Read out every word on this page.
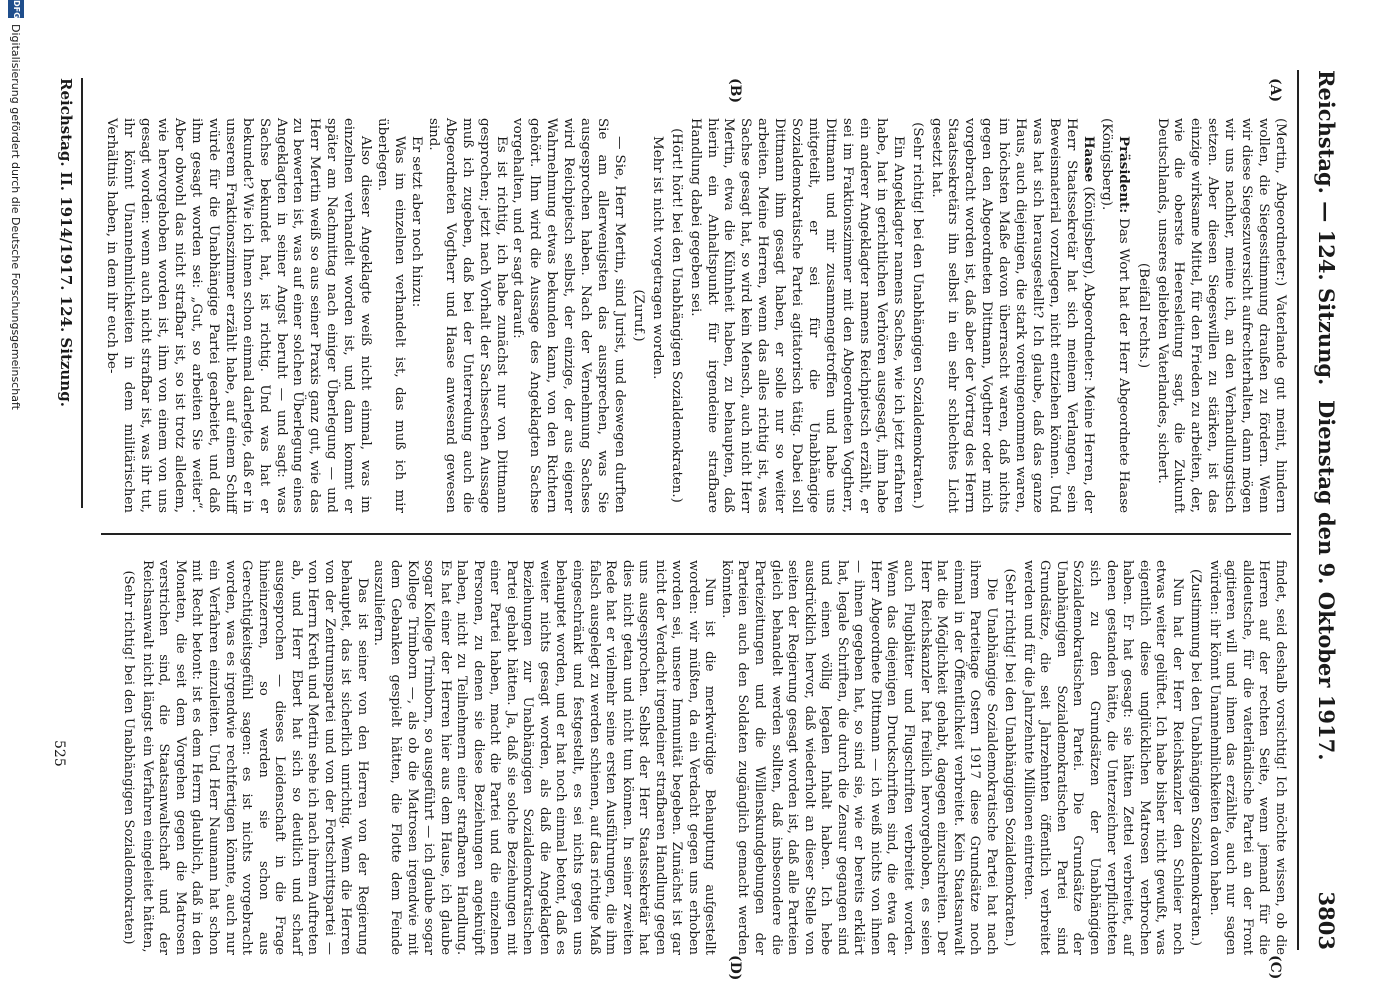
Reichstag. — 124. Sitzung.
Dienstag den 9. Oktober 1917.
3803
(A)
(B)
(C)
(D)

(Mertin, Abgeordneter:) Vaterlande gut meint, hindern wollen, die Siegesstimmung draußen zu fördern. Wenn wir diese Siegeszuversicht aufrechterhalten, dann mögen wir uns nachher, meine ich, an den Verhandlungstisch setzen. Aber diesen Siegeswillen zu stärken, ist das einzige wirksame Mittel, für den Frieden zu arbeiten, der, wie die oberste Heeresleitung sagt, die Zukunft Deutschlands, unseres geliebten Vaterlandes, sichert.

(Beifall rechts.)

Präsident: Das Wort hat der Herr Abgeordnete Haase (Königsberg).

Haase (Königsberg), Abgeordneter: Meine Herren, der Herr Staatssekretär hat sich meinem Verlangen, sein Beweismaterial vorzulegen, nicht entziehen können. Und was hat sich herausgestellt? Ich glaube, daß das ganze Haus, auch diejenigen, die stark voreingenommen waren, im höchsten Maße davon überrascht waren, daß nichts gegen den Abgeordneten Dittmann, Vogtherr oder mich vorgebracht worden ist, daß aber der Vortrag des Herrn Staatssekretärs ihn selbst in ein sehr schlechtes Licht gesetzt hat.

(Sehr richtig! bei den Unabhängigen Sozialdemokraten.)

Ein Angeklagter namens Sachse, wie ich jetzt erfahren habe, hat in gerichtlichen Verhören ausgesagt, ihm habe ein anderer Angeklagter namens Reichpietsch erzählt, er sei im Fraktionszimmer mit den Abgeordneten Vogtherr, Dittmann und mir zusammengetroffen und habe uns mitgeteilt, er sei für die Unabhängige Sozialdemokratische Partei agitatorisch tätig. Dabei soll Dittmann ihm gesagt haben, er solle nur so weiter arbeiten. Meine Herren, wenn das alles richtig ist, was Sachse gesagt hat, so wird kein Mensch, auch nicht Herr Mertin, etwa die Kühnheit haben, zu behaupten, daß hierin ein Anhaltspunkt für irgendeine strafbare Handlung dabei gegeben sei.

(Hört! hört! bei den Unabhängigen Sozialdemokraten.)

Mehr ist nicht vorgetragen worden.

(Zuruf.)

— Sie, Herr Mertin, sind Jurist, und deswegen durften Sie am allerwenigsten das aussprechen, was Sie ausgesprochen haben. Nach der Vernehmung Sachses wird Reichpietsch selbst, der einzige, der aus eigener Wahrnehmung etwas bekunden kann, von den Richtern gehört. Ihm wird die Aussage des Angeklagten Sachse vorgehalten, und er sagt darauf:

Es ist richtig, ich habe zunächst nur von Dittmann gesprochen; jetzt nach Vorhalt der Sachseschen Aussage muß ich zugeben, daß bei der Unterredung auch die Abgeordneten Vogtherr und Haase anwesend gewesen sind.

Er setzt aber noch hinzu:

Was im einzelnen verhandelt ist, das muß ich mir überlegen.

Also dieser Angeklagte weiß nicht einmal, was im einzelnen verhandelt worden ist, und dann kommt er später am Nachmittag nach einiger Überlegung — und Herr Mertin weiß so aus seiner Praxis ganz gut, wie das zu bewerten ist, was auf einer solchen Überlegung eines Angeklagten in seiner Angst beruht — und sagt: was Sachse bekundet hat, ist richtig. Und was hat er bekundet? Wie ich Ihnen schon einmal darlegte, daß er in unserem Fraktionszimmer erzählt habe, auf einem Schiff würde für die Unabhängige Partei gearbeitet, und daß ihm gesagt worden sei: „Gut, so arbeiten Sie weiter“. Aber obwohl das nicht strafbar ist, so ist trotz alledem, wie hervorgehoben worden ist, ihm von einem von uns gesagt worden: wenn auch nicht strafbar ist, was ihr tut, ihr könnt Unannehmlichkeiten in dem militärischen Verhältnis haben, in dem ihr euch be-

findet, seid deshalb vorsichtig! Ich möchte wissen, ob die Herren auf der rechten Seite, wenn jemand für die alldeutsche, für die vaterländische Partei an der Front agitieren will und ihnen das erzählte, auch nur sagen würden: ihr könnt Unannehmlichkeiten davon haben.

(Zustimmung bei den Unabhängigen Sozialdemokraten.)

Nun hat der Herr Reichskanzler den Schleier noch etwas weiter gelüftet. Ich habe bisher nicht gewußt, was eigentlich diese unglücklichen Matrosen verbrochen haben. Er hat gesagt: sie hätten Zettel verbreitet, auf denen gestanden hätte, die Unterzeichner verpflichteten sich zu den Grundsätzen der Unabhängigen Sozialdemokratischen Partei. Die Grundsätze der Unabhängigen Sozialdemokratischen Partei sind Grundsätze, die seit Jahrzehnten öffentlich verbreitet werden und für die Jahrzehnte Millionen eintreten.

(Sehr richtig! bei den Unabhängigen Sozialdemokraten.)

Die Unabhängige Sozialdemokratische Partei hat nach ihrem Parteitage Ostern 1917 diese Grundsätze noch einmal in der Öffentlichkeit verbreitet. Kein Staatsanwalt hat die Möglichkeit gehabt, dagegen einzuschreiten. Der Herr Reichskanzler hat freilich hervorgehoben, es seien auch Flugblätter und Flugschriften verbreitet worden. Wenn das diejenigen Druckschriften sind, die etwa der Herr Abgeordnete Dittmann — ich weiß nichts von ihnen — ihnen gegeben hat, so sind sie, wie er bereits erklärt hat, legale Schriften, die durch die Zensur gegangen sind und einen völlig legalen Inhalt haben. Ich hebe ausdrücklich hervor, daß wiederholt an dieser Stelle von seiten der Regierung gesagt worden ist, daß alle Parteien gleich behandelt werden sollten, daß insbesondere die Parteizeitungen und die Willenskundgebungen der Parteien auch den Soldaten zugänglich gemacht werden könnten.

Nun ist die merkwürdige Behauptung aufgestellt worden: wir müßten, da ein Verdacht gegen uns erhoben worden sei, unsere Immunität begeben. Zunächst ist gar nicht der Verdacht irgendeiner strafbaren Handlung gegen uns ausgesprochen. Selbst der Herr Staatssekretär hat dies nicht getan und nicht tun können. In seiner zweiten Rede hat er vielmehr seine ersten Ausführungen, die ihm falsch ausgelegt zu werden schienen, auf das richtige Maß eingeschränkt und festgestellt, es sei nichts gegen uns behauptet worden, und er hat noch einmal betont, daß es weiter nichts gesagt worden, als daß die Angeklagten Beziehungen zur Unabhängigen Sozialdemokratischen Partei gehabt hätten. Ja, daß sie solche Beziehungen mit einer Partei haben, macht die Partei und die einzelnen Personen, zu denen sie diese Beziehungen angeknüpft haben, nicht zu Teilnehmern einer strafbaren Handlung. Es hat einer der Herren hier aus dem Hause, ich glaube sogar Kollege Trimborn, so ausgeführt — ich glaube sogar Kollege Trimborn —, als ob die Matrosen irgendwie mit dem Gebanken gespielt hätten, die Flotte dem Feinde auszuliefern.

Das ist seiner von den Herren von der Regierung behauptet, das ist sicherlich unrichtig. Wenn die Herren von der Zentrumspartei und von der Fortschrittspartei — von Herrn Kreth und Mertin sehe ich nach ihrem Auftreten ab, und Herr Ebert hat sich so deutlich und scharf ausgesprochen — dieses Leidenschaft in die Frage hineinzerren, so werden sie schon aus Gerechtigkeitsgefühl sagen: es ist nichts vorgebracht worden, was es irgendwie rechtfertigen könnte, auch nur ein Verfahren einzuleiten. Und Herr Naumann hat schon mit Recht betont: ist es dem Herrn glaublich, daß in den Monaten, die seit dem Vorgehen gegen die Matrosen verstrichen sind, die Staatsanwaltschaft und der Reichsanwalt nicht längst ein Verfahren eingeleitet hätten,

(Sehr richtig! bei den Unabhängigen Sozialdemokraten)

Reichstag. II. 1914/1917. 124. Sitzung.
525
DFG
Digitalisierung gefördert durch die Deutsche Forschungsgemeinschaft
